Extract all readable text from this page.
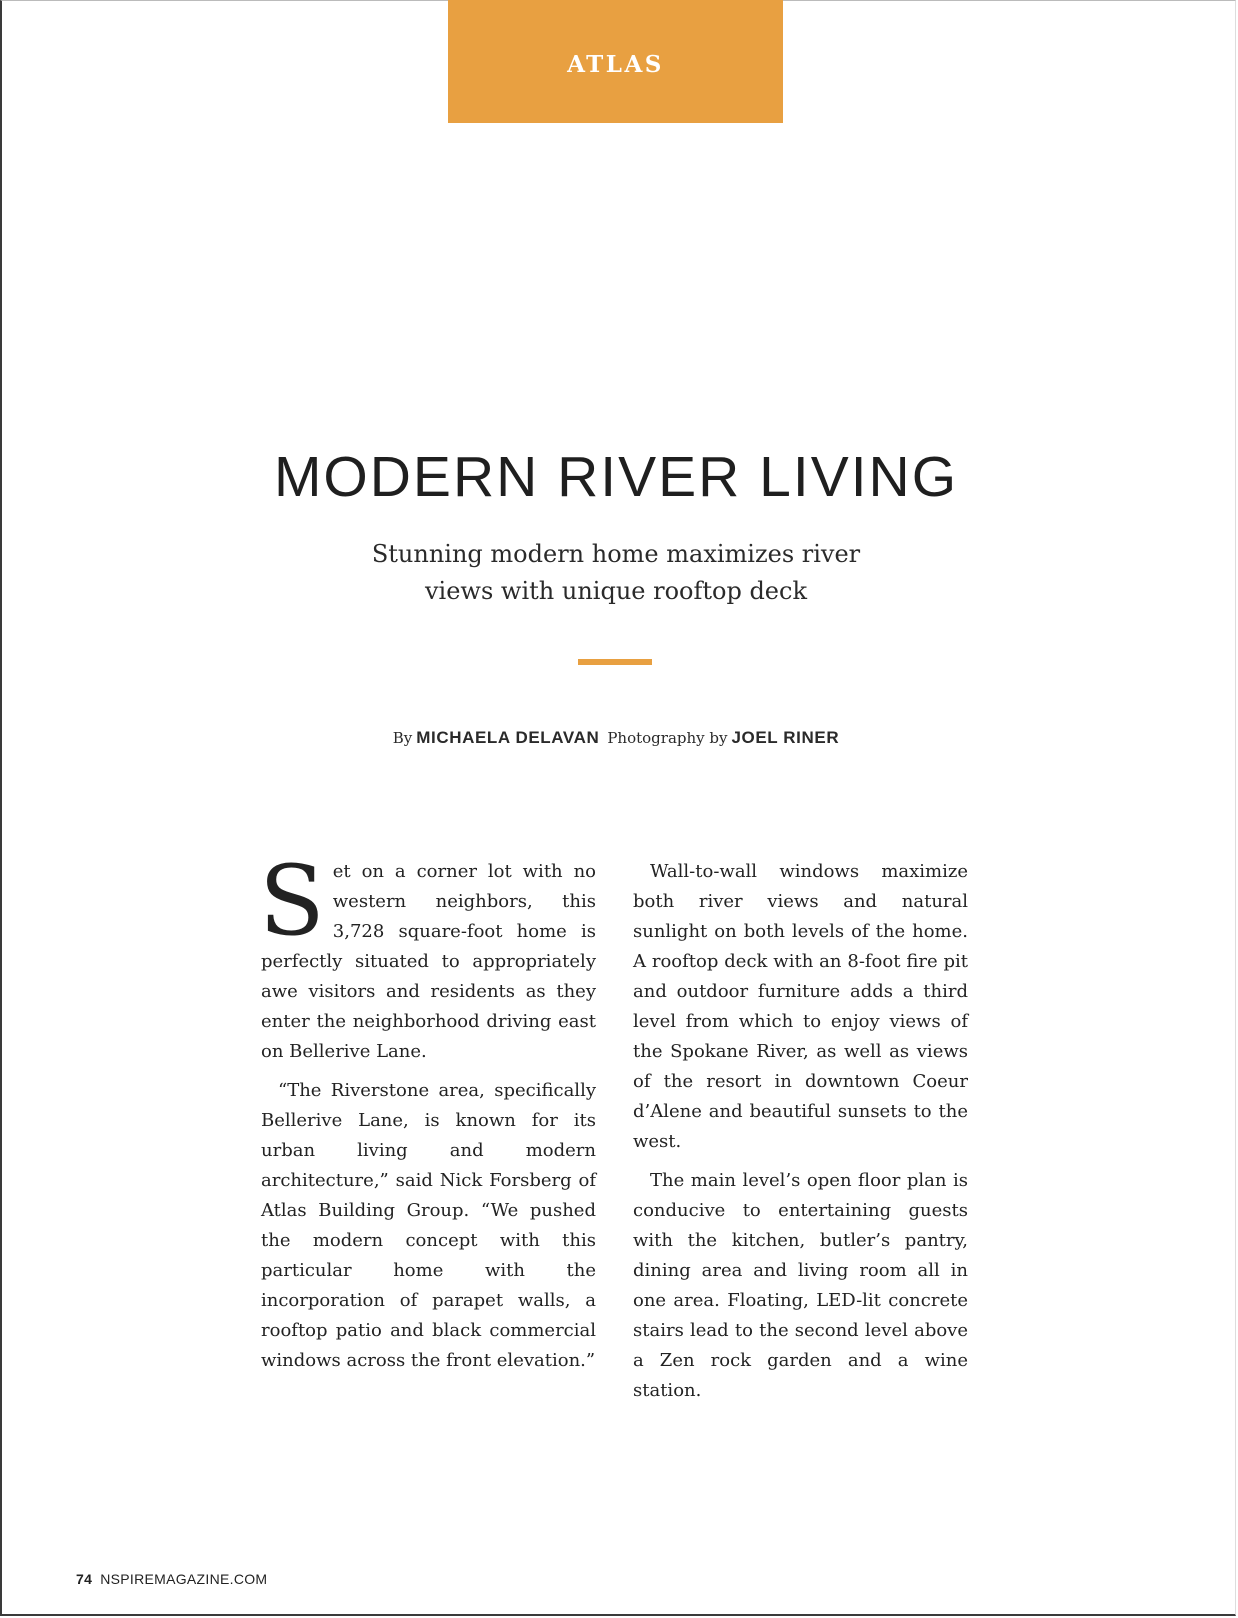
ATLAS
MODERN RIVER LIVING

Stunning modern home maximizes river views with unique rooftop deck

By MICHAELA DELAVAN Photography by JOEL RINER

Set on a corner lot with no western neighbors, this 3,728 square-foot home is perfectly situated to appropriately awe visitors and residents as they enter the neighborhood driving east on Bellerive Lane.

“The Riverstone area, specifically Bellerive Lane, is known for its urban living and modern architecture,” said Nick Forsberg of Atlas Building Group. “We pushed the modern concept with this particular home with the incorporation of parapet walls, a rooftop patio and black commercial windows across the front elevation.”

Wall-to-wall windows maximize both river views and natural sunlight on both levels of the home. A rooftop deck with an 8-foot fire pit and outdoor furniture adds a third level from which to enjoy views of the Spokane River, as well as views of the resort in downtown Coeur d’Alene and beautiful sunsets to the west.

The main level’s open floor plan is conducive to entertaining guests with the kitchen, butler’s pantry, dining area and living room all in one area. Floating, LED-lit concrete stairs lead to the second level above a Zen rock garden and a wine station.

74 NSPIREMAGAZINE.COM
